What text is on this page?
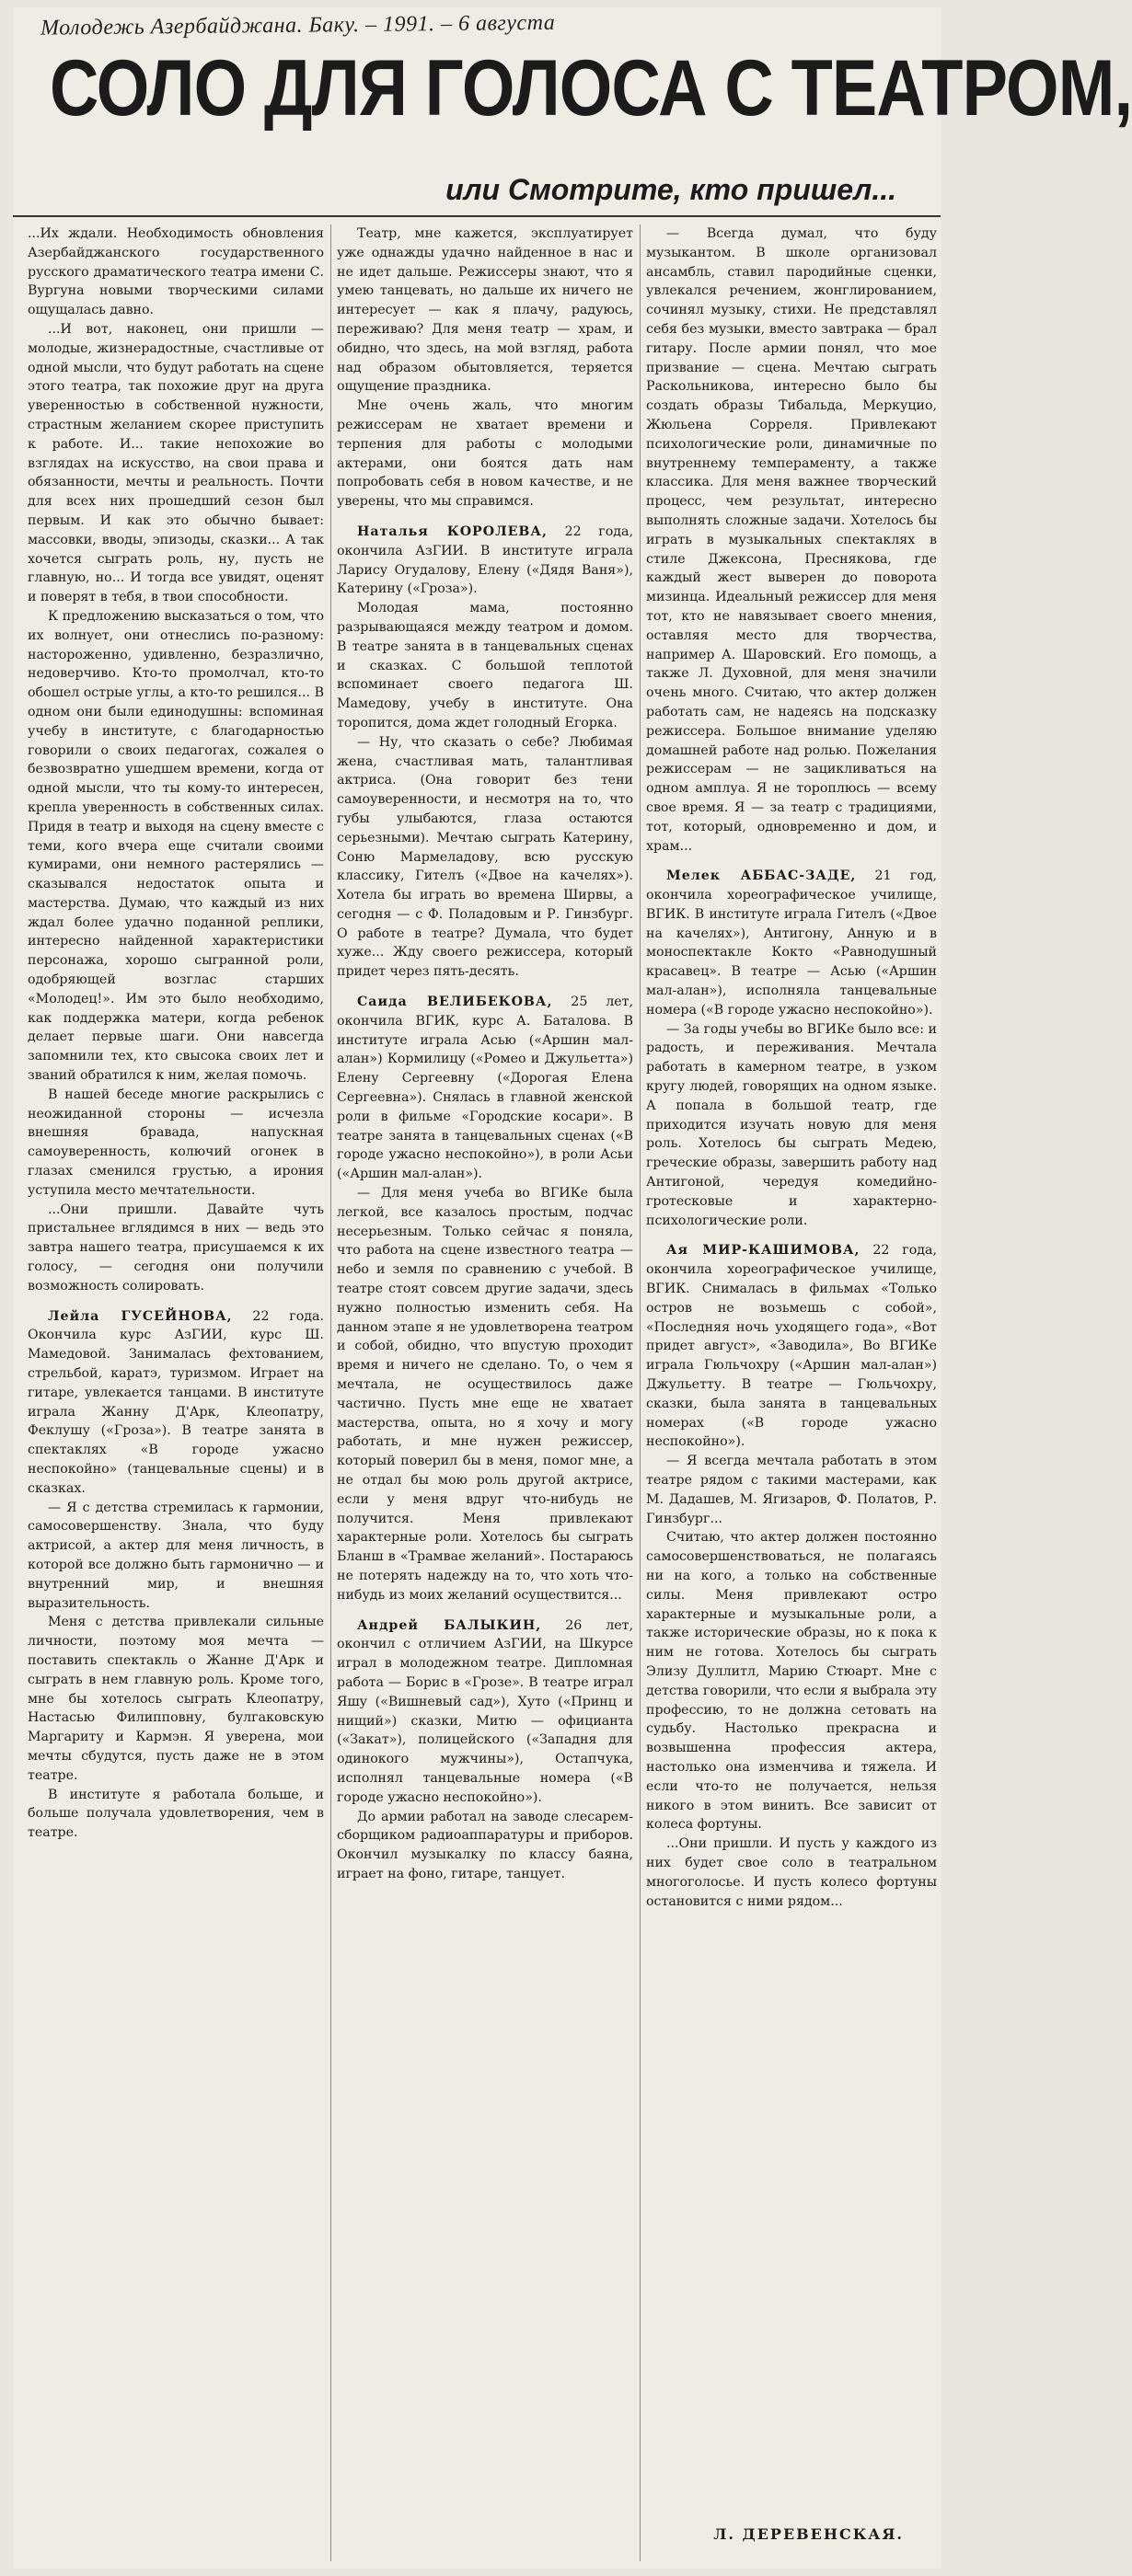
Молодежь Азербайджана. Баку. – 1991. – 6 августа
СОЛО ДЛЯ ГОЛОСА С ТЕАТРОМ,
или Смотрите, кто пришел...

...Их ждали. Необходимость обновления Азербайджанского государственного русского драматического театра имени С. Вургуна новыми творческими силами ощущалась давно.

...И вот, наконец, они пришли — молодые, жизнерадостные, счастливые от одной мысли, что будут работать на сцене этого театра, так похожие друг на друга уверенностью в собственной нужности, страстным желанием скорее приступить к работе. И... такие непохожие во взглядах на искусство, на свои права и обязанности, мечты и реальность. Почти для всех них прошедший сезон был первым. И как это обычно бывает: массовки, вводы, эпизоды, сказки... А так хочется сыграть роль, ну, пусть не главную, но... И тогда все увидят, оценят и поверят в тебя, в твои способности.

К предложению высказаться о том, что их волнует, они отнеслись по-разному: настороженно, удивленно, безразлично, недоверчиво. Кто-то промолчал, кто-то обошел острые углы, а кто-то решился... В одном они были единодушны: вспоминая учебу в институте, с благодарностью говорили о своих педагогах, сожалея о безвозвратно ушедшем времени, когда от одной мысли, что ты кому-то интересен, крепла уверенность в собственных силах. Придя в театр и выходя на сцену вместе с теми, кого вчера еще считали своими кумирами, они немного растерялись — сказывался недостаток опыта и мастерства. Думаю, что каждый из них ждал более удачно поданной реплики, интересно найденной характеристики персонажа, хорошо сыгранной роли, одобряющей возглас старших «Молодец!». Им это было необходимо, как поддержка матери, когда ребенок делает первые шаги. Они навсегда запомнили тех, кто свысока своих лет и званий обратился к ним, желая помочь.

В нашей беседе многие раскрылись с неожиданной стороны — исчезла внешняя бравада, напускная самоуверенность, колючий огонек в глазах сменился грустью, а ирония уступила место мечтательности.

...Они пришли. Давайте чуть пристальнее вглядимся в них — ведь это завтра нашего театра, присушаемся к их голосу, — сегодня они получили возможность солировать.

Лейла ГУСЕЙНОВА, 22 года. Окончила курс АзГИИ, курс Ш. Мамедовой. Занималась фехтованием, стрельбой, каратэ, туризмом. Играет на гитаре, увлекается танцами. В институте играла Жанну Д'Арк, Клеопатру, Феклушу («Гроза»). В театре занята в спектаклях «В городе ужасно неспокойно» (танцевальные сцены) и в сказках.

— Я с детства стремилась к гармонии, самосовершенству. Знала, что буду актрисой, а актер для меня личность, в которой все должно быть гармонично — и внутренний мир, и внешняя выразительность.

Меня с детства привлекали сильные личности, поэтому моя мечта — поставить спектакль о Жанне Д'Арк и сыграть в нем главную роль. Кроме того, мне бы хотелось сыграть Клеопатру, Настасью Филипповну, булгаковскую Маргариту и Кармэн. Я уверена, мои мечты сбудутся, пусть даже не в этом театре.

В институте я работала больше, и больше получала удовлетворения, чем в театре.

Театр, мне кажется, эксплуатирует уже однажды удачно найденное в нас и не идет дальше. Режиссеры знают, что я умею танцевать, но дальше их ничего не интересует — как я плачу, радуюсь, переживаю? Для меня театр — храм, и обидно, что здесь, на мой взгляд, работа над образом обытовляется, теряется ощущение праздника.

Мне очень жаль, что многим режиссерам не хватает времени и терпения для работы с молодыми актерами, они боятся дать нам попробовать себя в новом качестве, и не уверены, что мы справимся.

Наталья КОРОЛЕВА, 22 года, окончила АзГИИ. В институте играла Ларису Огудалову, Елену («Дядя Ваня»), Катерину («Гроза»).

Молодая мама, постоянно разрывающаяся между театром и домом. В театре занята в в танцевальных сценах и сказках. С большой теплотой вспоминает своего педагога Ш. Мамедову, учебу в институте. Она торопится, дома ждет голодный Егорка.

— Ну, что сказать о себе? Любимая жена, счастливая мать, талантливая актриса. (Она говорит без тени самоуверенности, и несмотря на то, что губы улыбаются, глаза остаются серьезными). Мечтаю сыграть Катерину, Соню Мармеладову, всю русскую классику, Гителъ («Двое на качелях»). Хотела бы играть во времена Ширвы, а сегодня — с Ф. Поладовым и Р. Гинзбург. О работе в театре? Думала, что будет хуже... Жду своего режиссера, который придет через пять-десять.

Саида ВЕЛИБЕКОВА, 25 лет, окончила ВГИК, курс А. Баталова. В институте играла Асью («Аршин мал-алан») Кормилицу («Ромео и Джульетта») Елену Сергеевну («Дорогая Елена Сергеевна»). Снялась в главной женской роли в фильме «Городские косари». В театре занята в танцевальных сценах («В городе ужасно неспокойно»), в роли Асьи («Аршин мал-алан»).

— Для меня учеба во ВГИКе была легкой, все казалось простым, подчас несерьезным. Только сейчас я поняла, что работа на сцене известного театра — небо и земля по сравнению с учебой. В театре стоят совсем другие задачи, здесь нужно полностью изменить себя. На данном этапе я не удовлетворена театром и собой, обидно, что впустую проходит время и ничего не сделано. То, о чем я мечтала, не осуществилось даже частично. Пусть мне еще не хватает мастерства, опыта, но я хочу и могу работать, и мне нужен режиссер, который поверил бы в меня, помог мне, а не отдал бы мою роль другой актрисе, если у меня вдруг что-нибудь не получится. Меня привлекают характерные роли. Хотелось бы сыграть Бланш в «Трамвае желаний». Постараюсь не потерять надежду на то, что хоть что-нибудь из моих желаний осуществится...

Андрей БАЛЫКИН, 26 лет, окончил с отличием АзГИИ, на Шкурсе играл в молодежном театре. Дипломная работа — Борис в «Грозе». В театре играл Яшу («Вишневый сад»), Хуто («Принц и нищий») сказки, Митю — официанта («Закат»), полицейского («Западня для одинокого мужчины»), Остапчука, исполнял танцевальные номера («В городе ужасно неспокойно»).

До армии работал на заводе слесарем-сборщиком радиоаппаратуры и приборов. Окончил музыкалку по классу баяна, играет на фоно, гитаре, танцует.

— Всегда думал, что буду музыкантом. В школе организовал ансамбль, ставил пародийные сценки, увлекался речением, жонглированием, сочинял музыку, стихи. Не представлял себя без музыки, вместо завтрака — брал гитару. После армии понял, что мое призвание — сцена. Мечтаю сыграть Раскольникова, интересно было бы создать образы Тибальда, Меркуцио, Жюльена Сорреля. Привлекают психологические роли, динамичные по внутреннему темпераменту, а также классика. Для меня важнее творческий процесс, чем результат, интересно выполнять сложные задачи. Хотелось бы играть в музыкальных спектаклях в стиле Джексона, Преснякова, где каждый жест выверен до поворота мизинца. Идеальный режиссер для меня тот, кто не навязывает своего мнения, оставляя место для творчества, например А. Шаровский. Его помощь, а также Л. Духовной, для меня значили очень много. Считаю, что актер должен работать сам, не надеясь на подсказку режиссера. Большое внимание уделяю домашней работе над ролью. Пожелания режиссерам — не зацикливаться на одном амплуа. Я не тороплюсь — всему свое время. Я — за театр с традициями, тот, который, одновременно и дом, и храм...

Мелек АББАС-ЗАДЕ, 21 год, окончила хореографическое училище, ВГИК. В институте играла Гителъ («Двое на качелях»), Антигону, Анную и в моноспектакле Кокто «Равнодушный красавец». В театре — Асью («Аршин мал-алан»), исполняла танцевальные номера («В городе ужасно неспокойно»).

— За годы учебы во ВГИКе было все: и радость, и переживания. Мечтала работать в камерном театре, в узком кругу людей, говорящих на одном языке. А попала в большой театр, где приходится изучать новую для меня роль. Хотелось бы сыграть Медею, греческие образы, завершить работу над Антигоной, чередуя комедийно-гротесковые и характерно-психологические роли.

Ая МИР-КАШИМОВА, 22 года, окончила хореографическое училище, ВГИК. Снималась в фильмах «Только остров не возьмешь с собой», «Последняя ночь уходящего года», «Вот придет август», «Заводила», Во ВГИКе играла Гюльчохру («Аршин мал-алан») Джульетту. В театре — Гюльчохру, сказки, была занята в танцевальных номерах («В городе ужасно неспокойно»).

— Я всегда мечтала работать в этом театре рядом с такими мастерами, как М. Дадашев, М. Ягизаров, Ф. Полатов, Р. Гинзбург...

Считаю, что актер должен постоянно самосовершенствоваться, не полагаясь ни на кого, а только на собственные силы. Меня привлекают остро характерные и музыкальные роли, а также исторические образы, но к пока к ним не готова. Хотелось бы сыграть Элизу Дуллитл, Марию Стюарт. Мне с детства говорили, что если я выбрала эту профессию, то не должна сетовать на судьбу. Настолько прекрасна и возвышенна профессия актера, настолько она изменчива и тяжела. И если что-то не получается, нельзя никого в этом винить. Все зависит от колеса фортуны.

...Они пришли. И пусть у каждого из них будет свое соло в театральном многоголосье. И пусть колесо фортуны остановится с ними рядом...

Л. ДЕРЕВЕНСКАЯ.
